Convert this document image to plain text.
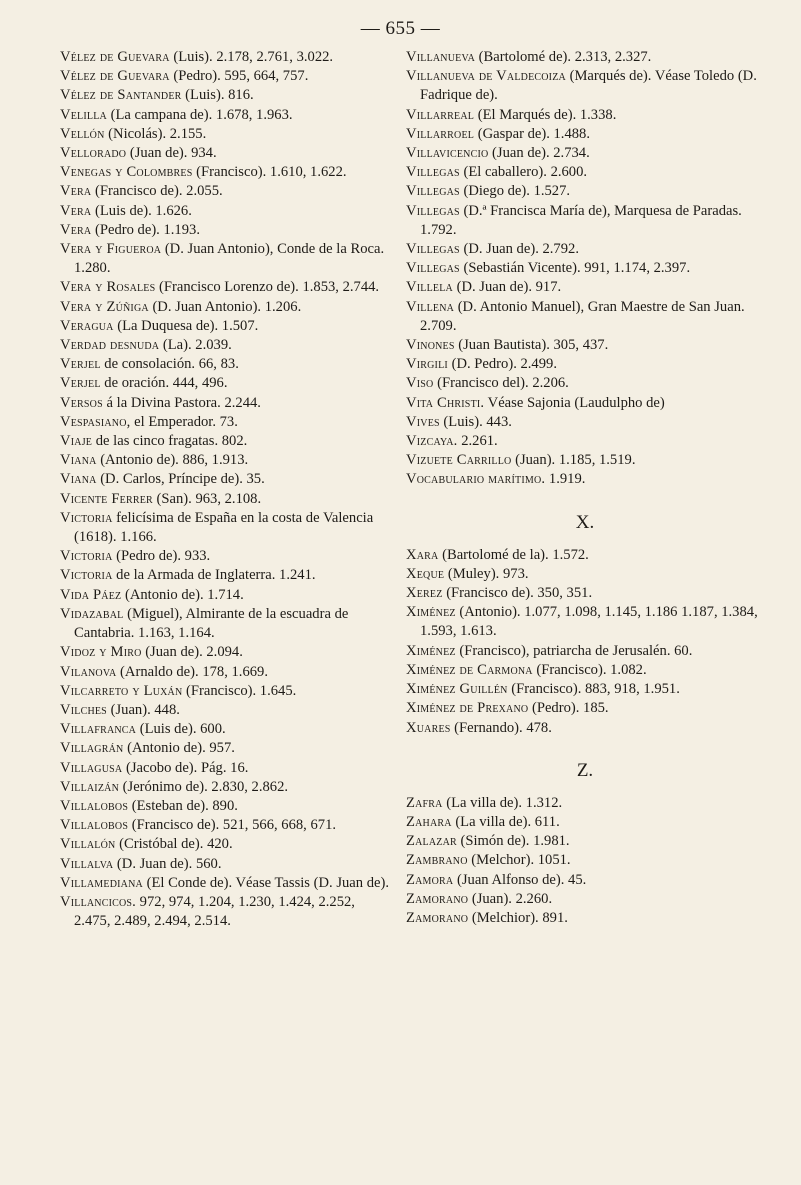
— 655 —
Vélez de Guevara (Luis). 2.178, 2.761, 3.022.
Vélez de Guevara (Pedro). 595, 664, 757.
Vélez de Santander (Luis). 816.
Velilla (La campana de). 1.678, 1.963.
Vellón (Nicolás). 2.155.
Vellorado (Juan de). 934.
Venegas y Colombres (Francisco). 1.610, 1.622.
Vera (Francisco de). 2.055.
Vera (Luis de). 1.626.
Vera (Pedro de). 1.193.
Vera y Figueroa (D. Juan Antonio), Conde de la Roca. 1.280.
Vera y Rosales (Francisco Lorenzo de). 1.853, 2.744.
Vera y Zúñiga (D. Juan Antonio). 1.206.
Veragua (La Duquesa de). 1.507.
Verdad desnuda (La). 2.039.
Verjel de consolación. 66, 83.
Verjel de oración. 444, 496.
Versos á la Divina Pastora. 2.244.
Vespasiano, el Emperador. 73.
Viaje de las cinco fragatas. 802.
Viana (Antonio de). 886, 1.913.
Viana (D. Carlos, Príncipe de). 35.
Vicente Ferrer (San). 963, 2.108.
Victoria felicísima de España en la costa de Valencia (1618). 1.166.
Victoria (Pedro de). 933.
Victoria de la Armada de Inglaterra. 1.241.
Vida Páez (Antonio de). 1.714.
Vidazabal (Miguel), Almirante de la escuadra de Cantabria. 1.163, 1.164.
Vidoz y Miro (Juan de). 2.094.
Vilanova (Arnaldo de). 178, 1.669.
Vilcarreto y Luxán (Francisco). 1.645.
Vilches (Juan). 448.
Villafranca (Luis de). 600.
Villagrán (Antonio de). 957.
Villagusa (Jacobo de). Pág. 16.
Villaizán (Jerónimo de). 2.830, 2.862.
Villalobos (Esteban de). 890.
Villalobos (Francisco de). 521, 566, 668, 671.
Villalón (Cristóbal de). 420.
Villalva (D. Juan de). 560.
Villamediana (El Conde de). Véase Tassis (D. Juan de).
Villancicos. 972, 974, 1.204, 1.230, 1.424, 2.252, 2.475, 2.489, 2.494, 2.514.
Villanueva (Bartolomé de). 2.313, 2.327.
Villanueva de Valdecoiza (Marqués de). Véase Toledo (D. Fadrique de).
Villarreal (El Marqués de). 1.338.
Villarroel (Gaspar de). 1.488.
Villavicencio (Juan de). 2.734.
Villegas (El caballero). 2.600.
Villegas (Diego de). 1.527.
Villegas (D.ª Francisca María de), Marquesa de Paradas. 1.792.
Villegas (D. Juan de). 2.792.
Villegas (Sebastián Vicente). 991, 1.174, 2.397.
Villela (D. Juan de). 917.
Villena (D. Antonio Manuel), Gran Maestre de San Juan. 2.709.
Vinones (Juan Bautista). 305, 437.
Virgili (D. Pedro). 2.499.
Viso (Francisco del). 2.206.
Vita Christi. Véase Sajonia (Laudulpho de)
Vives (Luis). 443.
Vizcaya. 2.261.
Vizuete Carrillo (Juan). 1.185, 1.519.
Vocabulario marítimo. 1.919.
X.
Xara (Bartolomé de la). 1.572.
Xeque (Muley). 973.
Xerez (Francisco de). 350, 351.
Ximénez (Antonio). 1.077, 1.098, 1.145, 1.186 1.187, 1.384, 1.593, 1.613.
Ximénez (Francisco), patriarcha de Jerusalén. 60.
Ximénez de Carmona (Francisco). 1.082.
Ximénez Guillén (Francisco). 883, 918, 1.951.
Ximénez de Prexano (Pedro). 185.
Xuares (Fernando). 478.
Z.
Zafra (La villa de). 1.312.
Zahara (La villa de). 611.
Zalazar (Simón de). 1.981.
Zambrano (Melchor). 1051.
Zamora (Juan Alfonso de). 45.
Zamorano (Juan). 2.260.
Zamorano (Melchior). 891.
